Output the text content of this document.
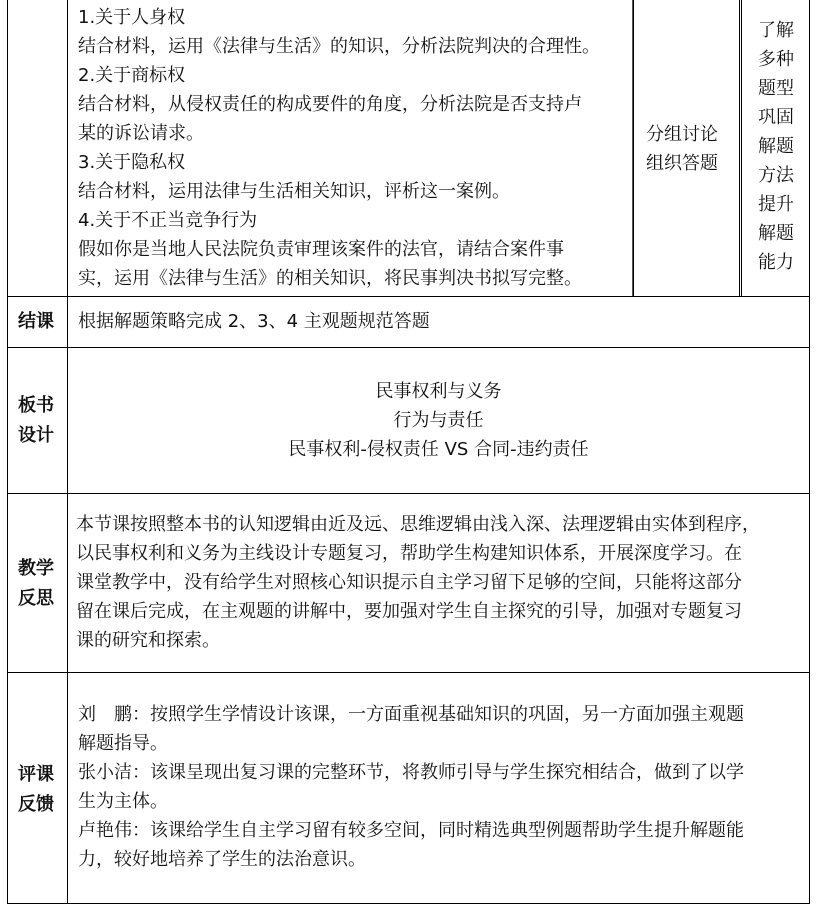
1.关于人身权
结合材料，运用《法律与生活》的知识，分析法院判决的合理性。
2.关于商标权
结合材料，从侵权责任的构成要件的角度，分析法院是否支持卢
某的诉讼请求。
3.关于隐私权
结合材料，运用法律与生活相关知识，评析这一案例。
4.关于不正当竞争行为
假如你是当地人民法院负责审理该案件的法官，请结合案件事
实，运用《法律与生活》的相关知识，将民事判决书拟写完整。
分组讨论
组织答题
了解
多种
题型
巩固
解题
方法
提升
解题
能力
结课	根据解题策略完成 2、3、4 主观题规范答题
板书
设计
民事权利与义务
行为与责任
民事权利-侵权责任 VS 合同-违约责任
教学
反思
本节课按照整本书的认知逻辑由近及远、思维逻辑由浅入深、法理逻辑由实体到程序，
以民事权利和义务为主线设计专题复习，帮助学生构建知识体系，开展深度学习。在
课堂教学中，没有给学生对照核心知识提示自主学习留下足够的空间，只能将这部分
留在课后完成，在主观题的讲解中，要加强对学生自主探究的引导，加强对专题复习
课的研究和探索。
评课
反馈
刘　鹏：按照学生学情设计该课，一方面重视基础知识的巩固，另一方面加强主观题
解题指导。
张小洁：该课呈现出复习课的完整环节，将教师引导与学生探究相结合，做到了以学
生为主体。
卢艳伟：该课给学生自主学习留有较多空间，同时精选典型例题帮助学生提升解题能
力，较好地培养了学生的法治意识。
